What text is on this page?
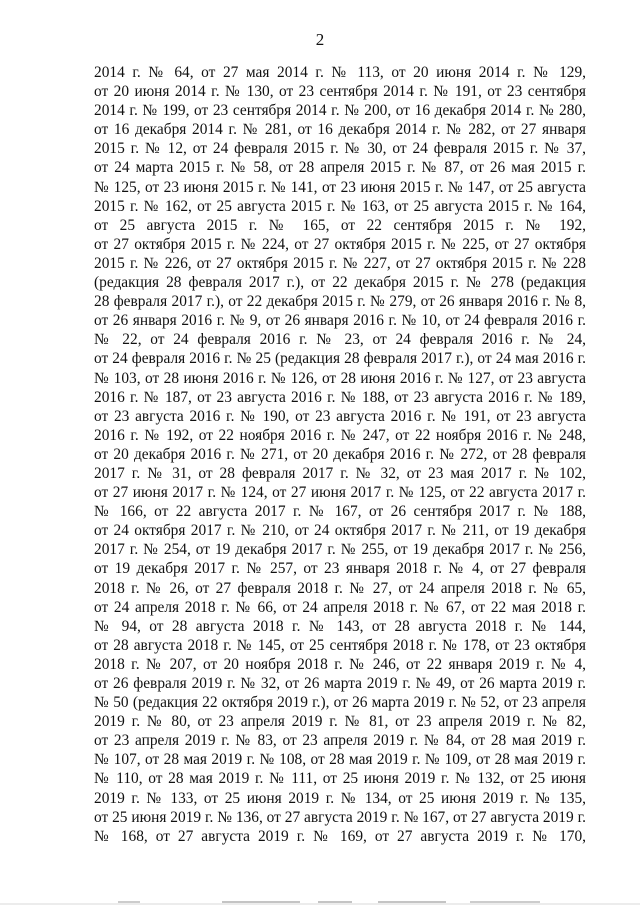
2
2014 г. № 64, от 27 мая 2014 г. № 113, от 20 июня 2014 г. № 129,
от 20 июня 2014 г. № 130, от 23 сентября 2014 г. № 191, от 23 сентября
2014 г. № 199, от 23 сентября 2014 г. № 200, от 16 декабря 2014 г. № 280,
от 16 декабря 2014 г. № 281, от 16 декабря 2014 г. № 282, от 27 января
2015 г. № 12, от 24 февраля 2015 г. № 30, от 24 февраля 2015 г. № 37,
от 24 марта 2015 г. № 58, от 28 апреля 2015 г. № 87, от 26 мая 2015 г.
№ 125, от 23 июня 2015 г. № 141, от 23 июня 2015 г. № 147, от 25 августа
2015 г. № 162, от 25 августа 2015 г. № 163, от 25 августа 2015 г. № 164,
от 25 августа 2015 г. № 165, от 22 сентября 2015 г. № 192,
от 27 октября 2015 г. № 224, от 27 октября 2015 г. № 225, от 27 октября
2015 г. № 226, от 27 октября 2015 г. № 227, от 27 октября 2015 г. № 228
(редакция 28 февраля 2017 г.), от 22 декабря 2015 г. № 278 (редакция
28 февраля 2017 г.), от 22 декабря 2015 г. № 279, от 26 января 2016 г. № 8,
от 26 января 2016 г. № 9, от 26 января 2016 г. № 10, от 24 февраля 2016 г.
№ 22, от 24 февраля 2016 г. № 23, от 24 февраля 2016 г. № 24,
от 24 февраля 2016 г. № 25 (редакция 28 февраля 2017 г.), от 24 мая 2016 г.
№ 103, от 28 июня 2016 г. № 126, от 28 июня 2016 г. № 127, от 23 августа
2016 г. № 187, от 23 августа 2016 г. № 188, от 23 августа 2016 г. № 189,
от 23 августа 2016 г. № 190, от 23 августа 2016 г. № 191, от 23 августа
2016 г. № 192, от 22 ноября 2016 г. № 247, от 22 ноября 2016 г. № 248,
от 20 декабря 2016 г. № 271, от 20 декабря 2016 г. № 272, от 28 февраля
2017 г. № 31, от 28 февраля 2017 г. № 32, от 23 мая 2017 г. № 102,
от 27 июня 2017 г. № 124, от 27 июня 2017 г. № 125, от 22 августа 2017 г.
№ 166, от 22 августа 2017 г. № 167, от 26 сентября 2017 г. № 188,
от 24 октября 2017 г. № 210, от 24 октября 2017 г. № 211, от 19 декабря
2017 г. № 254, от 19 декабря 2017 г. № 255, от 19 декабря 2017 г. № 256,
от 19 декабря 2017 г. № 257, от 23 января 2018 г. № 4, от 27 февраля
2018 г. № 26, от 27 февраля 2018 г. № 27, от 24 апреля 2018 г. № 65,
от 24 апреля 2018 г. № 66, от 24 апреля 2018 г. № 67, от 22 мая 2018 г.
№ 94, от 28 августа 2018 г. № 143, от 28 августа 2018 г. № 144,
от 28 августа 2018 г. № 145, от 25 сентября 2018 г. № 178, от 23 октября
2018 г. № 207, от 20 ноября 2018 г. № 246, от 22 января 2019 г. № 4,
от 26 февраля 2019 г. № 32, от 26 марта 2019 г. № 49, от 26 марта 2019 г.
№ 50 (редакция 22 октября 2019 г.), от 26 марта 2019 г. № 52, от 23 апреля
2019 г. № 80, от 23 апреля 2019 г. № 81, от 23 апреля 2019 г. № 82,
от 23 апреля 2019 г. № 83, от 23 апреля 2019 г. № 84, от 28 мая 2019 г.
№ 107, от 28 мая 2019 г. № 108, от 28 мая 2019 г. № 109, от 28 мая 2019 г.
№ 110, от 28 мая 2019 г. № 111, от 25 июня 2019 г. № 132, от 25 июня
2019 г. № 133, от 25 июня 2019 г. № 134, от 25 июня 2019 г. № 135,
от 25 июня 2019 г. № 136, от 27 августа 2019 г. № 167, от 27 августа 2019 г.
№ 168, от 27 августа 2019 г. № 169, от 27 августа 2019 г. № 170,
